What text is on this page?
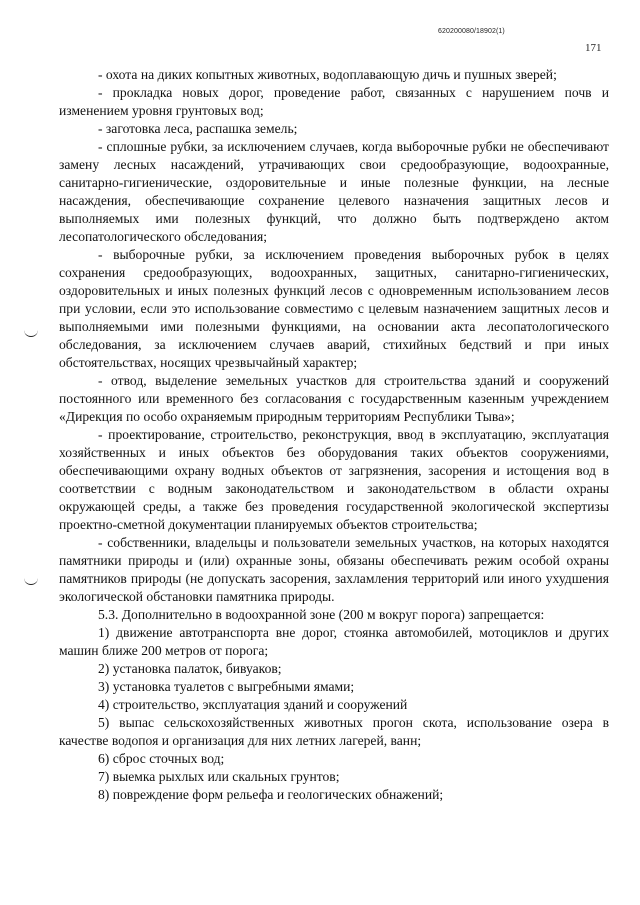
620200080/18902(1)
171

- охота на диких копытных животных, водоплавающую дичь и пушных зверей;

- прокладка новых дорог, проведение работ, связанных с нарушением почв и изменением уровня грунтовых вод;

- заготовка леса, распашка земель;

- сплошные рубки, за исключением случаев, когда выборочные рубки не обеспечивают замену лесных насаждений, утрачивающих свои средообразующие, водоохранные, санитарно-гигиенические, оздоровительные и иные полезные функции, на лесные насаждения, обеспечивающие сохранение целевого назначения защитных лесов и выполняемых ими полезных функций, что должно быть подтверждено актом лесопатологического обследования;

- выборочные рубки, за исключением проведения выборочных рубок в целях сохранения средообразующих, водоохранных, защитных, санитарно-гигиенических, оздоровительных и иных полезных функций лесов с одновременным использованием лесов при условии, если это использование совместимо с целевым назначением защитных лесов и выполняемыми ими полезными функциями, на основании акта лесопатологического обследования, за исключением случаев аварий, стихийных бедствий и при иных обстоятельствах, носящих чрезвычайный характер;

- отвод, выделение земельных участков для строительства зданий и сооружений постоянного или временного без согласования с государственным казенным учреждением «Дирекция по особо охраняемым природным территориям Республики Тыва»;

- проектирование, строительство, реконструкция, ввод в эксплуатацию, эксплуатация хозяйственных и иных объектов без оборудования таких объектов сооружениями, обеспечивающими охрану водных объектов от загрязнения, засорения и истощения вод в соответствии с водным законодательством и законодательством в области охраны окружающей среды, а также без проведения государственной экологической экспертизы проектно-сметной документации планируемых объектов строительства;

- собственники, владельцы и пользователи земельных участков, на которых находятся памятники природы и (или) охранные зоны, обязаны обеспечивать режим особой охраны памятников природы (не допускать засорения, захламления территорий или иного ухудшения экологической обстановки памятника природы.

5.3. Дополнительно в водоохранной зоне (200 м вокруг порога) запрещается:

1) движение автотранспорта вне дорог, стоянка автомобилей, мотоциклов и других машин ближе 200 метров от порога;

2) установка палаток, бивуаков;

3) установка туалетов с выгребными ямами;

4) строительство, эксплуатация зданий и сооружений

5) выпас сельскохозяйственных животных прогон скота, использование озера в качестве водопоя и организация для них летних лагерей, ванн;

6) сброс сточных вод;

7) выемка рыхлых или скальных грунтов;

8) повреждение форм рельефа и геологических обнажений;
